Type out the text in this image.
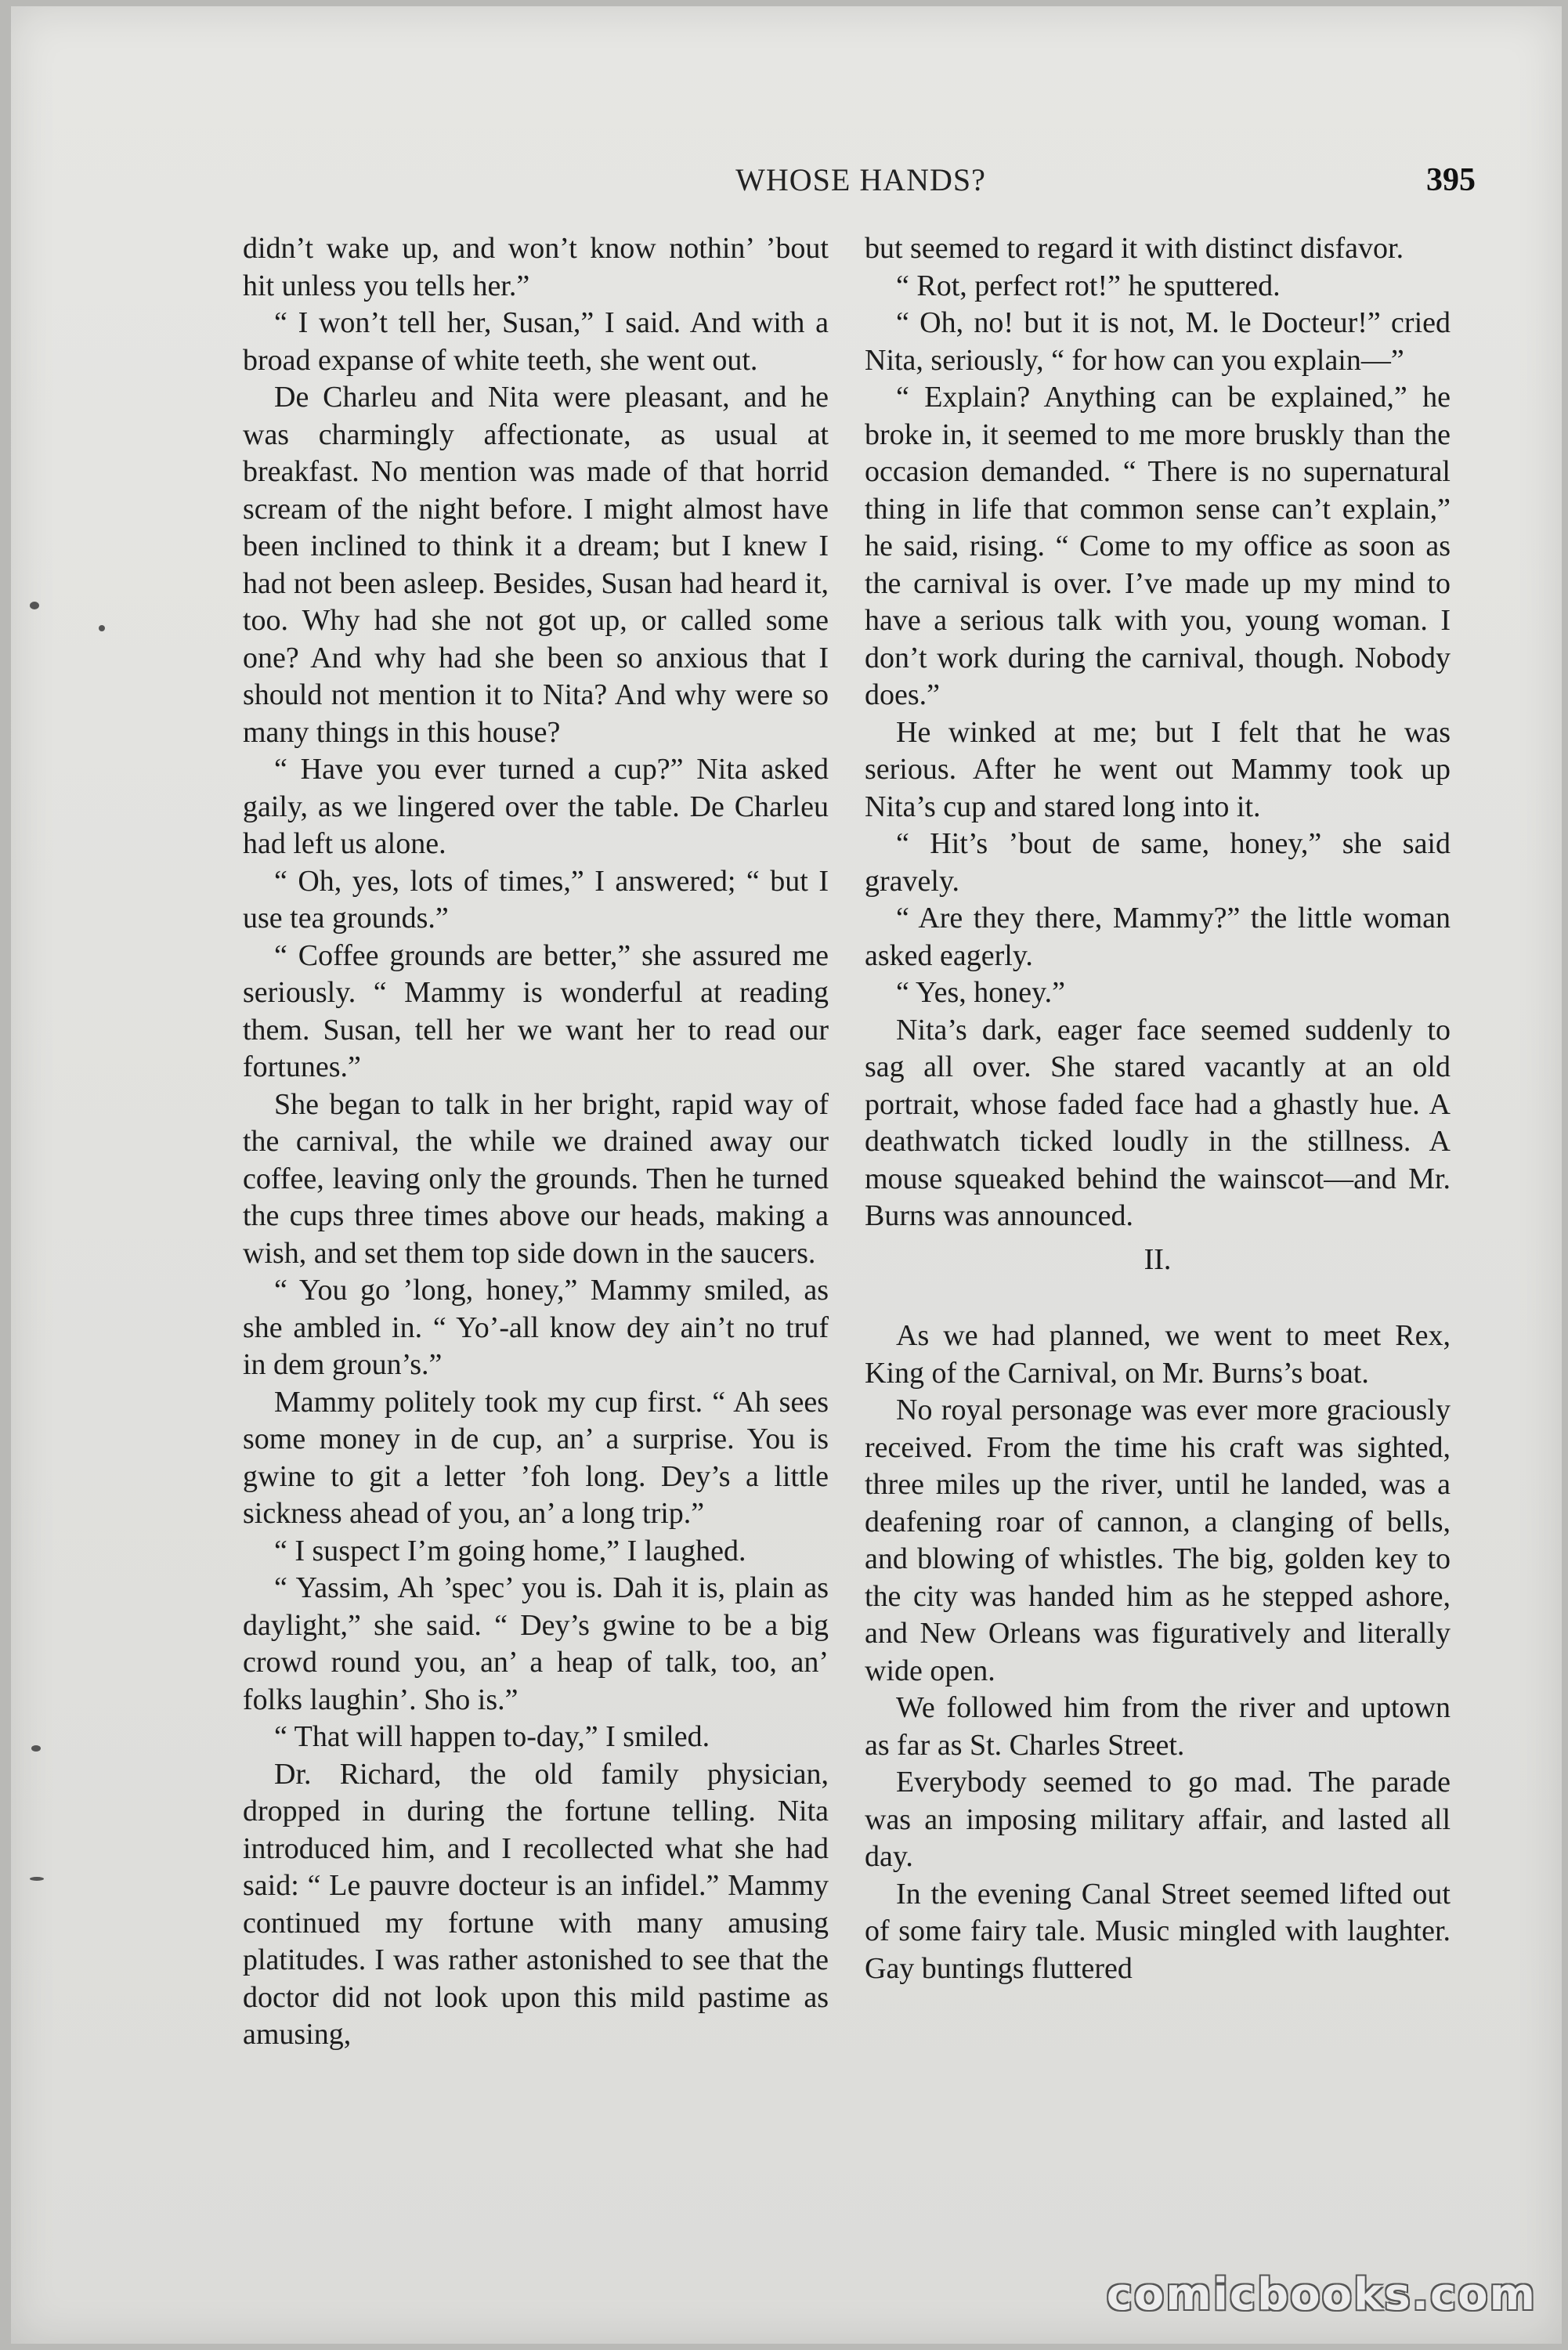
WHOSE HANDS?	395

didn’t wake up, and won’t know nothin’ ’bout hit unless you tells her.”

“ I won’t tell her, Susan,” I said. And with a broad expanse of white teeth, she went out.

De Charleu and Nita were pleasant, and he was charmingly affectionate, as usual at breakfast. No mention was made of that horrid scream of the night before. I might almost have been inclined to think it a dream; but I knew I had not been asleep. Besides, Susan had heard it, too. Why had she not got up, or called some one? And why had she been so anxious that I should not mention it to Nita? And why were so many things in this house?

“ Have you ever turned a cup?” Nita asked gaily, as we lingered over the table. De Charleu had left us alone.

“ Oh, yes, lots of times,” I answered; “ but I use tea grounds.”

“ Coffee grounds are better,” she assured me seriously. “ Mammy is wonderful at reading them. Susan, tell her we want her to read our fortunes.”

She began to talk in her bright, rapid way of the carnival, the while we drained away our coffee, leaving only the grounds. Then he turned the cups three times above our heads, making a wish, and set them top side down in the saucers.

“ You go ’long, honey,” Mammy smiled, as she ambled in. “ Yo’-all know dey ain’t no truf in dem groun’s.”

Mammy politely took my cup first. “ Ah sees some money in de cup, an’ a surprise. You is gwine to git a letter ’foh long. Dey’s a little sickness ahead of you, an’ a long trip.”

“ I suspect I’m going home,” I laughed.

“ Yassim, Ah ’spec’ you is. Dah it is, plain as daylight,” she said. “ Dey’s gwine to be a big crowd round you, an’ a heap of talk, too, an’ folks laughin’. Sho is.”

“ That will happen to-day,” I smiled.

Dr. Richard, the old family physician, dropped in during the fortune telling. Nita introduced him, and I recollected what she had said: “ Le pauvre docteur is an infidel.” Mammy continued my fortune with many amusing platitudes. I was rather astonished to see that the doctor did not look upon this mild pastime as amusing,

but seemed to regard it with distinct disfavor.

“ Rot, perfect rot!” he sputtered.

“ Oh, no! but it is not, M. le Docteur!” cried Nita, seriously, “ for how can you explain—”

“ Explain? Anything can be explained,” he broke in, it seemed to me more bruskly than the occasion demanded. “ There is no supernatural thing in life that common sense can’t explain,” he said, rising. “ Come to my office as soon as the carnival is over. I’ve made up my mind to have a serious talk with you, young woman. I don’t work during the carnival, though. Nobody does.”

He winked at me; but I felt that he was serious. After he went out Mammy took up Nita’s cup and stared long into it.

“ Hit’s ’bout de same, honey,” she said gravely.

“ Are they there, Mammy?” the little woman asked eagerly.

“ Yes, honey.”

Nita’s dark, eager face seemed suddenly to sag all over. She stared vacantly at an old portrait, whose faded face had a ghastly hue. A deathwatch ticked loudly in the stillness. A mouse squeaked behind the wainscot—and Mr. Burns was announced.

II.

As we had planned, we went to meet Rex, King of the Carnival, on Mr. Burns’s boat.

No royal personage was ever more graciously received. From the time his craft was sighted, three miles up the river, until he landed, was a deafening roar of cannon, a clanging of bells, and blowing of whistles. The big, golden key to the city was handed him as he stepped ashore, and New Orleans was figuratively and literally wide open.

We followed him from the river and uptown as far as St. Charles Street.

Everybody seemed to go mad. The parade was an imposing military affair, and lasted all day.

In the evening Canal Street seemed lifted out of some fairy tale. Music mingled with laughter. Gay buntings fluttered

comicbooks.com
